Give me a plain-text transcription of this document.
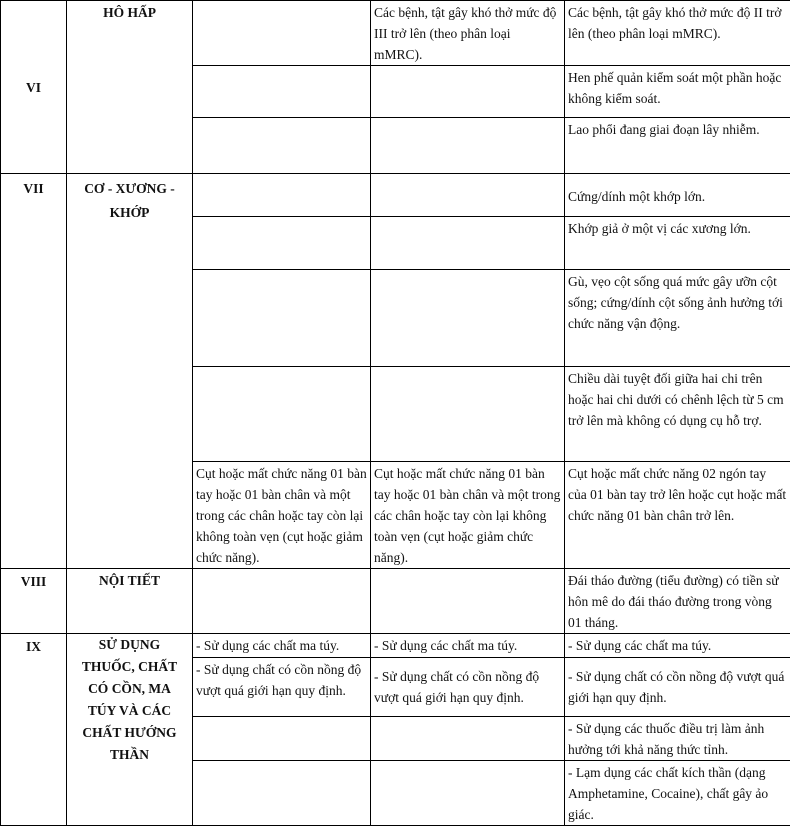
VI	HÔ HẤP		Các bệnh, tật gây khó thở mức độ III trở lên (theo phân loại mMRC).	Các bệnh, tật gây khó thở mức độ II trở lên (theo phân loại mMRC).
				Hen phế quản kiểm soát một phần hoặc không kiểm soát.
				Lao phổi đang giai đoạn lây nhiễm.
VII	CƠ - XƯƠNG - KHỚP			Cứng/dính một khớp lớn.
				Khớp giả ở một vị các xương lớn.
				Gù, vẹo cột sống quá mức gây ưỡn cột sống; cứng/dính cột sống ảnh hưởng tới chức năng vận động.
				Chiều dài tuyệt đối giữa hai chi trên hoặc hai chi dưới có chênh lệch từ 5 cm trở lên mà không có dụng cụ hỗ trợ.
		Cụt hoặc mất chức năng 01 bàn tay hoặc 01 bàn chân và một trong các chân hoặc tay còn lại không toàn vẹn (cụt hoặc giảm chức năng).	Cụt hoặc mất chức năng 01 bàn tay hoặc 01 bàn chân và một trong các chân hoặc tay còn lại không toàn vẹn (cụt hoặc giảm chức năng).	Cụt hoặc mất chức năng 02 ngón tay của 01 bàn tay trở lên hoặc cụt hoặc mất chức năng 01 bàn chân trở lên.
VIII	NỘI TIẾT			Đái tháo đường (tiểu đường) có tiền sử hôn mê do đái tháo đường trong vòng 01 tháng.
IX	SỬ DỤNG THUỐC, CHẤT CÓ CỒN, MA TÚY VÀ CÁC CHẤT HƯỚNG THẦN	- Sử dụng các chất ma túy.	- Sử dụng các chất ma túy.	- Sử dụng các chất ma túy.
		- Sử dụng chất có cồn nồng độ vượt quá giới hạn quy định.	- Sử dụng chất có cồn nồng độ vượt quá giới hạn quy định.	- Sử dụng chất có cồn nồng độ vượt quá giới hạn quy định.
				- Sử dụng các thuốc điều trị làm ảnh hưởng tới khả năng thức tỉnh.
				- Lạm dụng các chất kích thần (dạng Amphetamine, Cocaine), chất gây ảo giác.
